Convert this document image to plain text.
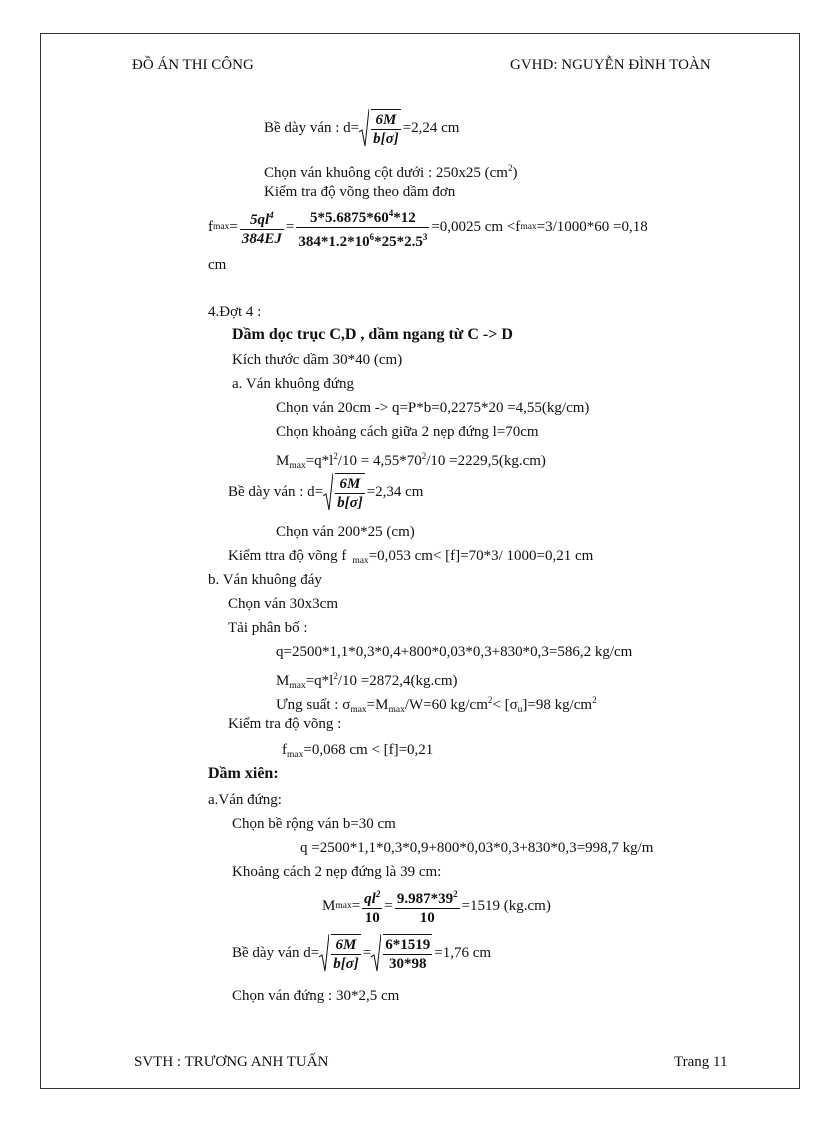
ĐỒ ÁN THI CÔNG	GVHD: NGUYỄN ĐÌNH TOÀN
Bề dày ván : $d= \frac{6M}{b[\sigma]} =2,24$ cm
Chọn ván khuông cột dưới : 250x25 $(cm^2)$
Kiểm tra độ võng theo dầm đơn
f $\max = \frac{5ql^4}{384EJ} = \frac{5*5.6875*60^4*12}{384*1.2*10^6*25*2.5^3} =0,0025$ cm <f max =3/1000*60 =0,18
cm
4.Đợt 4 :
Dầm dọc trục C,D , dầm ngang từ C -> D
Kích thước dầm 30*40 (cm)
a. Ván khuông đứng
Chọn ván 20cm -> q=P*b=0,2275*20 =4,55(kg/cm)
Chọn khoảng cách giữa 2 nẹp đứng l=70cm
$M_{max}=q*l^2/10 = 4,55*70^2/10 =2229,5(kg.cm)$
Bề dày ván : $d= \frac{6M}{b[\sigma]} =2,34$ cm
Chọn ván 200*25 (cm)
Kiểm ttra độ võng f $_{max}$=0,053 cm< [f]=70*3/ 1000=0,21 cm
b. Ván khuông đáy
Chọn ván 30x3cm
Tải phân bố :
q=2500*1,1*0,3*0,4+800*0,03*0,3+830*0,3=586,2 kg/cm
$M_{max}=q*l^2/10 =2872,4(kg.cm)$
Ưng suất : $\sigma_{max}=M_{max}/W=60$ $kg/cm^2< [\sigma_u]=98$ $kg/cm^2$
Kiểm tra độ võng :
$f_{max}=0,068$ cm < [f]=0,21
Dầm xiên:
a.Ván đứng:
Chọn bề rộng ván b=30 cm
q =2500*1,1*0,3*0,9+800*0,03*0,3+830*0,3=998,7 kg/m
Khoảng cách 2 nẹp đứng là 39 cm:
M $\max = \frac{ql^2}{10} = \frac{9.987*39^2}{10} =1519$ (kg.cm)
Bề dày ván $d= \frac{6M}{b[\sigma]} = \frac{6*1519}{30*98} =1,76$ cm
Chọn ván đứng : 30*2,5 cm
SVTH : TRƯƠNG ANH TUẤN	Trang 11
